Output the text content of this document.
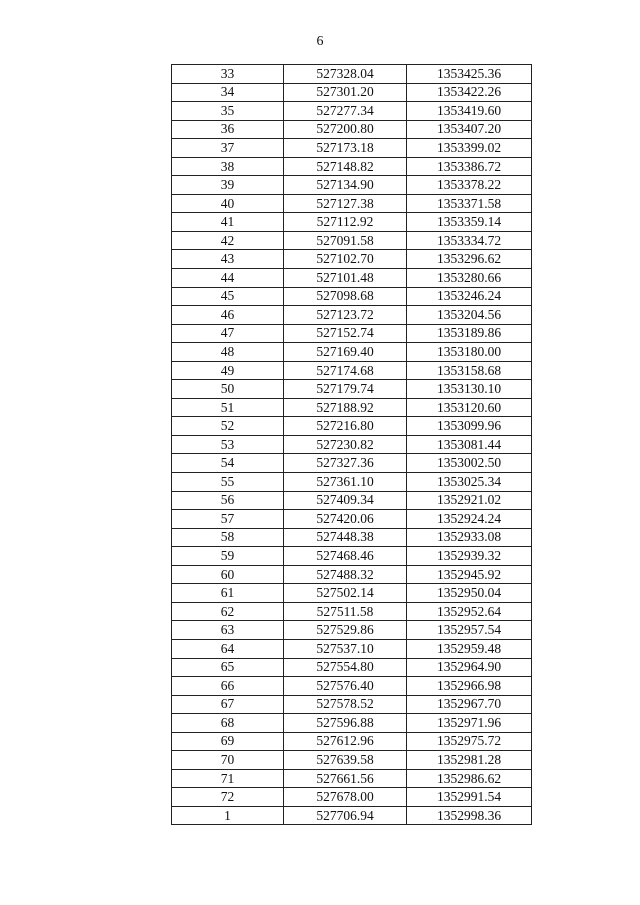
6
33	527328.04	1353425.36
34	527301.20	1353422.26
35	527277.34	1353419.60
36	527200.80	1353407.20
37	527173.18	1353399.02
38	527148.82	1353386.72
39	527134.90	1353378.22
40	527127.38	1353371.58
41	527112.92	1353359.14
42	527091.58	1353334.72
43	527102.70	1353296.62
44	527101.48	1353280.66
45	527098.68	1353246.24
46	527123.72	1353204.56
47	527152.74	1353189.86
48	527169.40	1353180.00
49	527174.68	1353158.68
50	527179.74	1353130.10
51	527188.92	1353120.60
52	527216.80	1353099.96
53	527230.82	1353081.44
54	527327.36	1353002.50
55	527361.10	1353025.34
56	527409.34	1352921.02
57	527420.06	1352924.24
58	527448.38	1352933.08
59	527468.46	1352939.32
60	527488.32	1352945.92
61	527502.14	1352950.04
62	527511.58	1352952.64
63	527529.86	1352957.54
64	527537.10	1352959.48
65	527554.80	1352964.90
66	527576.40	1352966.98
67	527578.52	1352967.70
68	527596.88	1352971.96
69	527612.96	1352975.72
70	527639.58	1352981.28
71	527661.56	1352986.62
72	527678.00	1352991.54
1	527706.94	1352998.36
